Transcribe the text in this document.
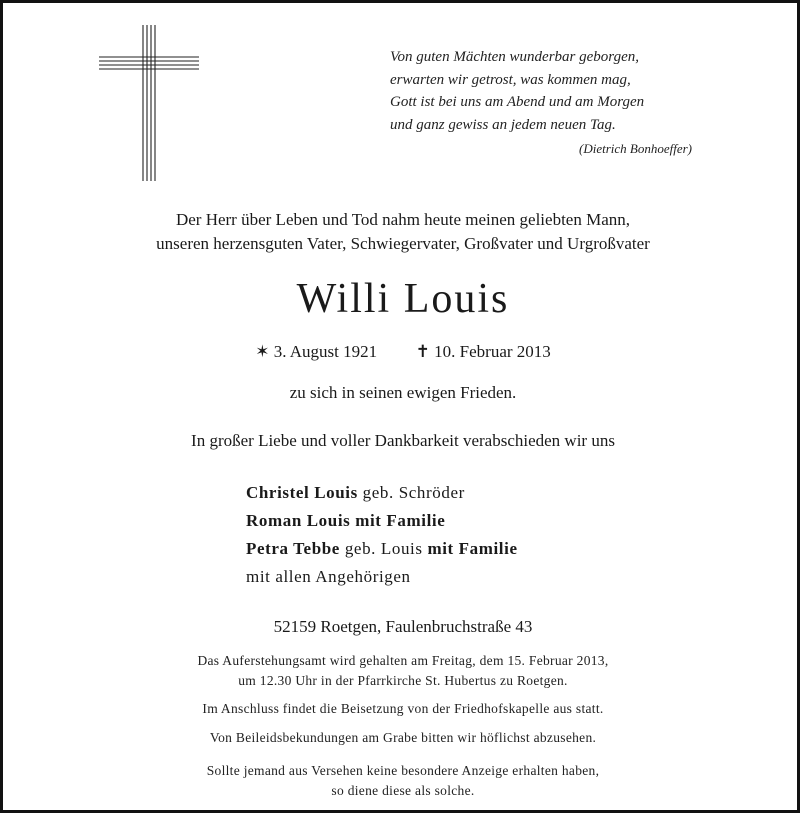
Von guten Mächten wunderbar geborgen,
erwarten wir getrost, was kommen mag,
Gott ist bei uns am Abend und am Morgen
und ganz gewiss an jedem neuen Tag.
(Dietrich Bonhoeffer)
Der Herr über Leben und Tod nahm heute meinen geliebten Mann,
unseren herzensguten Vater, Schwiegervater, Großvater und Urgroßvater
Willi Louis
✶ 3. August 1921 ✝ 10. Februar 2013
zu sich in seinen ewigen Frieden.
In großer Liebe und voller Dankbarkeit verabschieden wir uns
Christel Louis geb. Schröder
Roman Louis mit Familie
Petra Tebbe geb. Louis mit Familie
mit allen Angehörigen
52159 Roetgen, Faulenbruchstraße 43
Das Auferstehungsamt wird gehalten am Freitag, dem 15. Februar 2013,
um 12.30 Uhr in der Pfarrkirche St. Hubertus zu Roetgen.
Im Anschluss findet die Beisetzung von der Friedhofskapelle aus statt.
Von Beileidsbekundungen am Grabe bitten wir höflichst abzusehen.
Sollte jemand aus Versehen keine besondere Anzeige erhalten haben,
so diene diese als solche.
